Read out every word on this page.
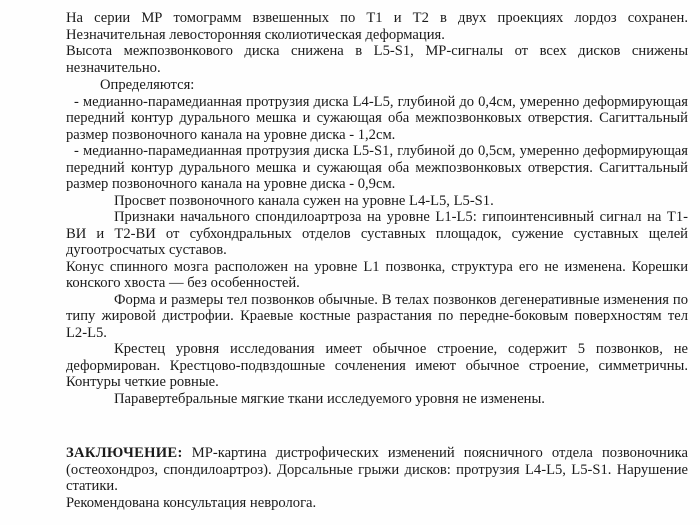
На серии МР томограмм взвешенных по Т1 и Т2 в двух проекциях лордоз сохранен. Незначительная левосторонняя сколиотическая деформация.

Высота межпозвонкового диска снижена в L5-S1, МР-сигналы от всех дисков снижены незначительно.

Определяются:

- медианно-парамедианная протрузия диска L4-L5, глубиной до 0,4см, умеренно деформирующая передний контур дурального мешка и сужающая оба межпозвонковых отверстия. Сагиттальный размер позвоночного канала на уровне диска - 1,2см.

- медианно-парамедианная протрузия диска L5-S1, глубиной до 0,5см, умеренно деформирующая передний контур дурального мешка и сужающая оба межпозвонковых отверстия. Сагиттальный размер позвоночного канала на уровне диска - 0,9см.

Просвет позвоночного канала сужен на уровне L4-L5, L5-S1.

Признаки начального спондилоартроза на уровне L1-L5: гипоинтенсивный сигнал на Т1-ВИ и Т2-ВИ от субхондральных отделов суставных площадок, сужение суставных щелей дугоотросчатых суставов.

Конус спинного мозга расположен на уровне L1 позвонка, структура его не изменена. Корешки конского хвоста — без особенностей.

Форма и размеры тел позвонков обычные. В телах позвонков дегенеративные изменения по типу жировой дистрофии. Краевые костные разрастания по передне-боковым поверхностям тел L2-L5.

Крестец уровня исследования имеет обычное строение, содержит 5 позвонков, не деформирован. Крестцово-подвздошные сочленения имеют обычное строение, симметричны. Контуры четкие ровные.

Паравертебральные мягкие ткани исследуемого уровня не изменены.

ЗАКЛЮЧЕНИЕ: МР-картина дистрофических изменений поясничного отдела позвоночника (остеохондроз, спондилоартроз). Дорсальные грыжи дисков: протрузия L4-L5, L5-S1. Нарушение статики.

Рекомендована консультация невролога.
